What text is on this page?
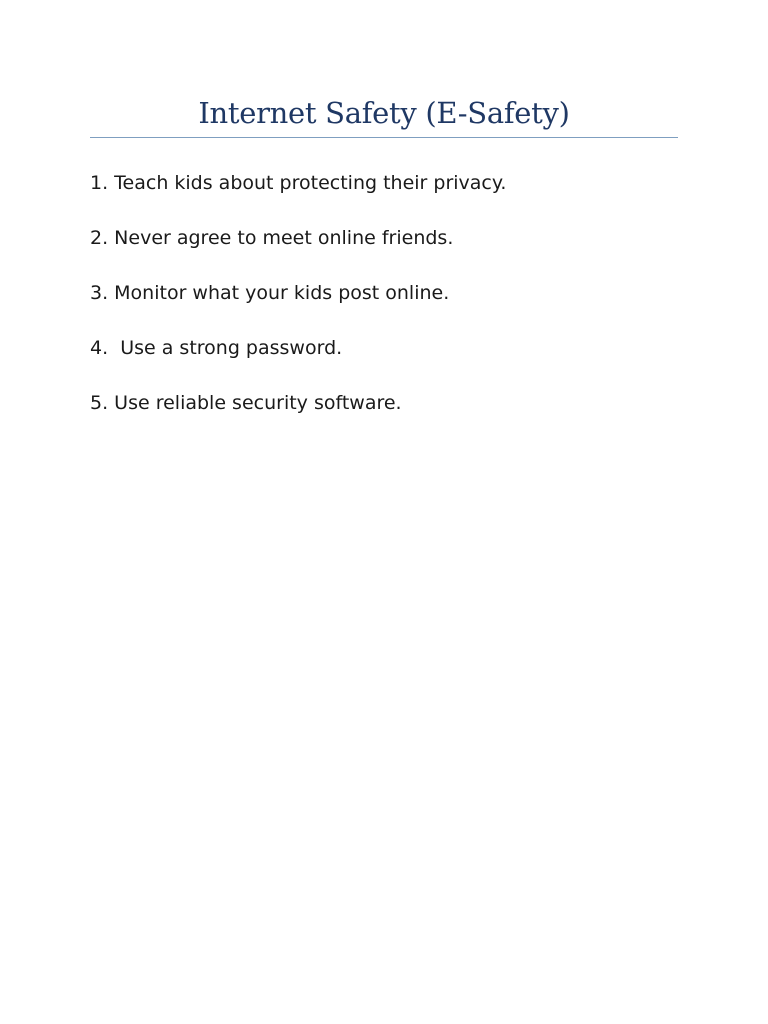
Internet Safety (E-Safety)
1. Teach kids about protecting their privacy.
2. Never agree to meet online friends.
3. Monitor what your kids post online.
4.  Use a strong password.
5. Use reliable security software.
